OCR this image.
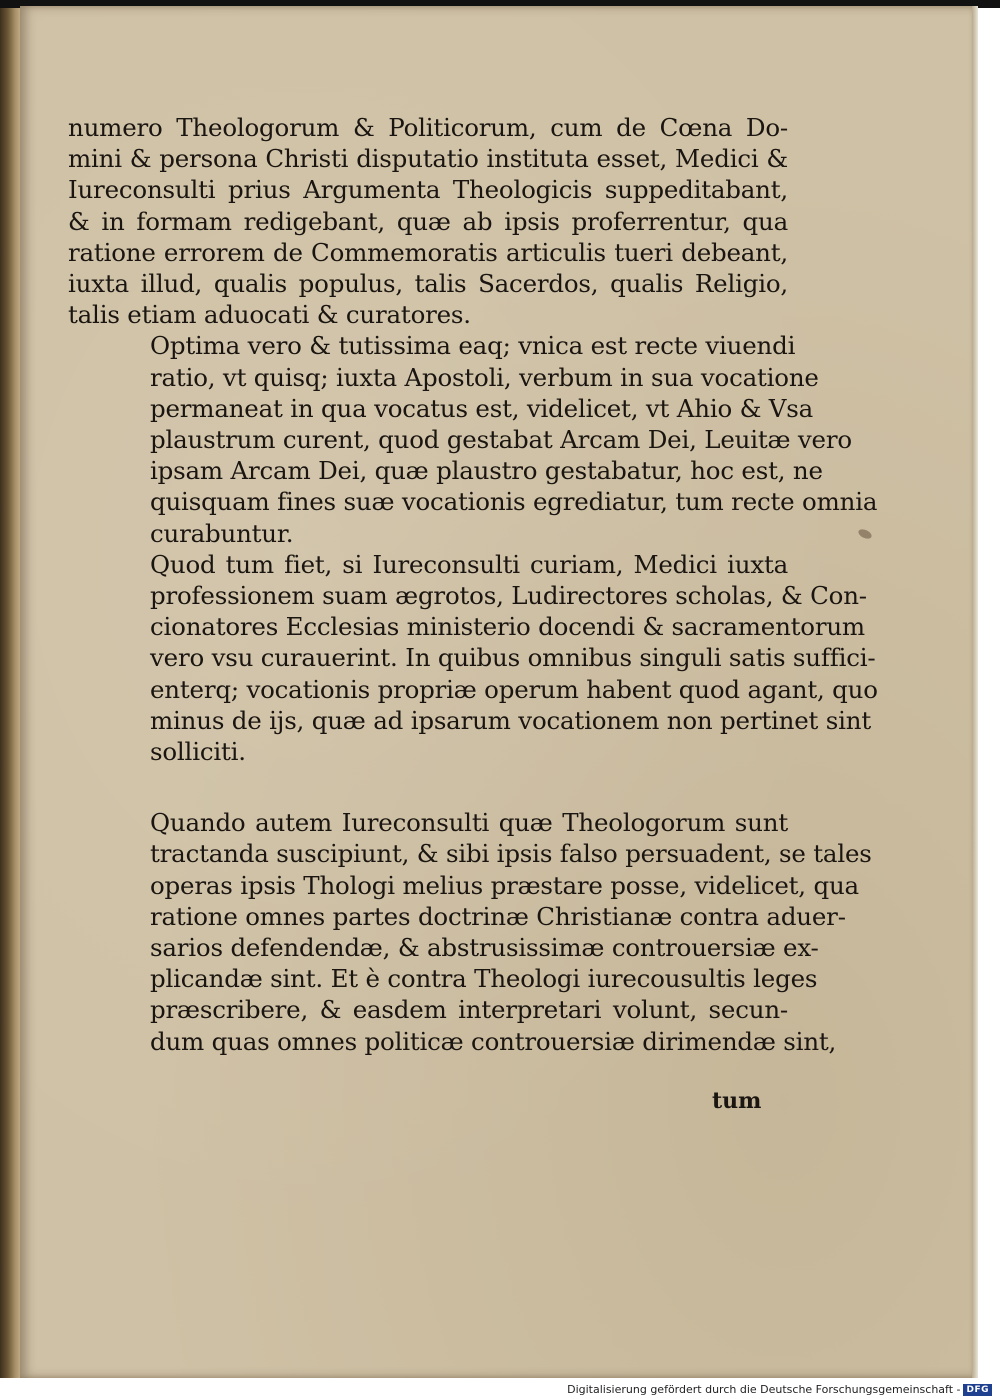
numero Theologorum & Politicorum, cum de Cœna Do-
mini & persona Christi disputatio instituta esset, Medici &
Iureconsulti prius Argumenta Theologicis suppeditabant,
& in formam redigebant, quæ ab ipsis proferrentur, qua
ratione errorem de Commemoratis articulis tueri debeant,
iuxta illud, qualis populus, talis Sacerdos, qualis Religio,
talis etiam aduocati & curatores.
Optima vero & tutissima eaq; vnica est recte viuendi
ratio, vt quisq; iuxta Apostoli, verbum in sua vocatione
permaneat in qua vocatus est, videlicet, vt Ahio & Vsa
plaustrum curent, quod gestabat Arcam Dei, Leuitæ vero
ipsam Arcam Dei, quæ plaustro gestabatur, hoc est, ne
quisquam fines suæ vocationis egrediatur, tum recte omnia
curabuntur.
Quod tum fiet, si Iureconsulti curiam, Medici iuxta
professionem suam ægrotos, Ludirectores scholas, & Con-
cionatores Ecclesias ministerio docendi & sacramentorum
vero vsu curauerint. In quibus omnibus singuli satis suffici-
enterq; vocationis propriæ operum habent quod agant, quo
minus de ijs, quæ ad ipsarum vocationem non pertinet sint
solliciti.
Quando autem Iureconsulti quæ Theologorum sunt
tractanda suscipiunt, & sibi ipsis falso persuadent, se tales
operas ipsis Thologi melius præstare posse, videlicet, qua
ratione omnes partes doctrinæ Christianæ contra aduer-
sarios defendendæ, & abstrusissimæ controuersiæ ex-
plicandæ sint. Et è contra Theologi iurecousultis leges
præscribere, & easdem interpretari volunt, secun-
dum quas omnes politicæ controuersiæ dirimendæ sint,
tum
Digitalisierung gefördert durch die Deutsche Forschungsgemeinschaft - DFG
